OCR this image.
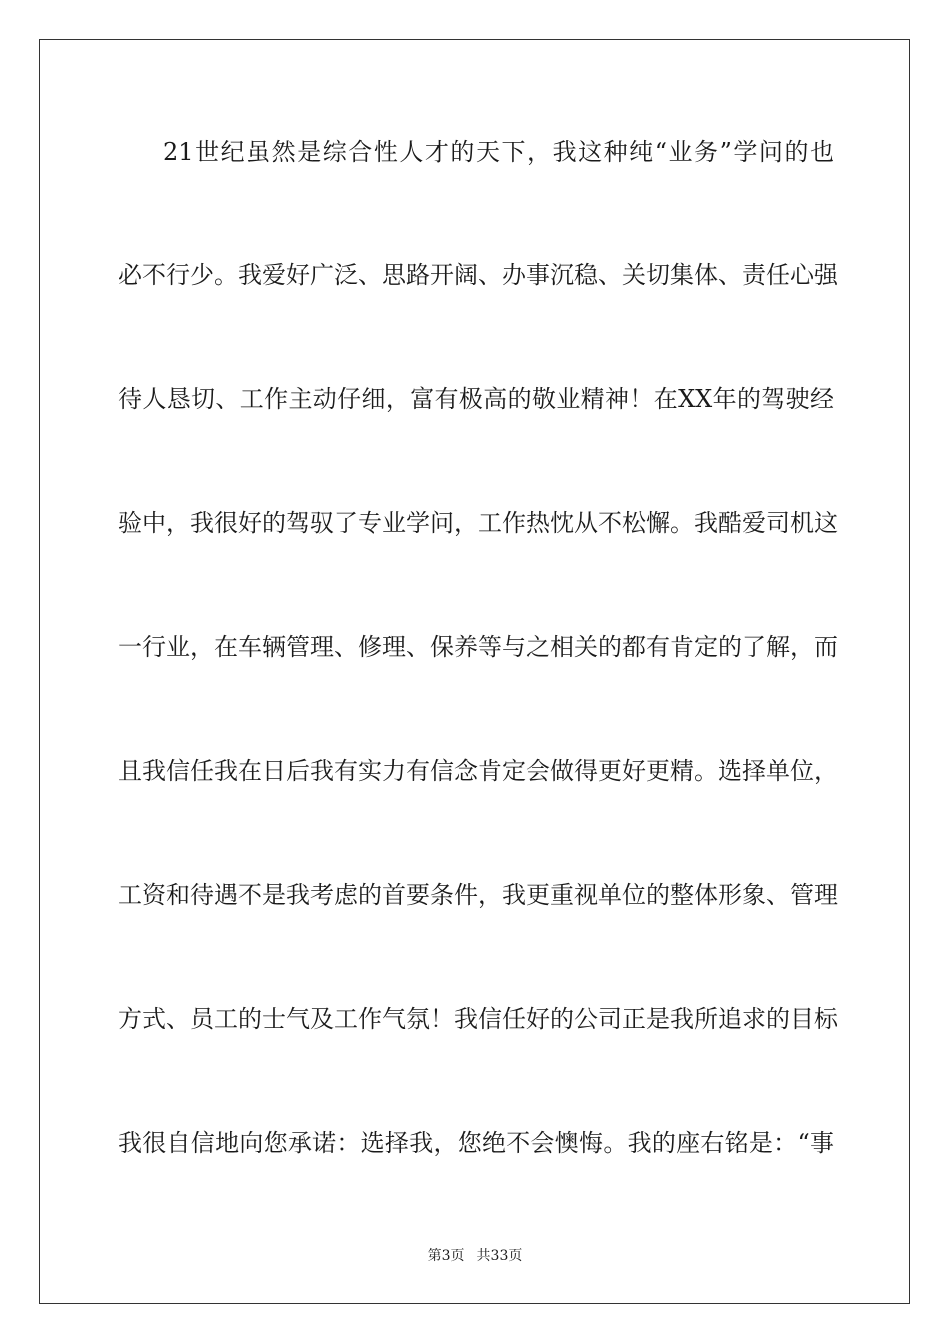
21世纪虽然是综合性人才的天下，我这种纯“业务”学问的也

必不行少。我爱好广泛、思路开阔、办事沉稳、关切集体、责任心强

待人恳切、工作主动仔细，富有极高的敬业精神！在XX年的驾驶经

验中，我很好的驾驭了专业学问，工作热忱从不松懈。我酷爱司机这

一行业，在车辆管理、修理、保养等与之相关的都有肯定的了解，而

且我信任我在日后我有实力有信念肯定会做得更好更精。选择单位，

工资和待遇不是我考虑的首要条件，我更重视单位的整体形象、管理

方式、员工的士气及工作气氛！我信任好的公司正是我所追求的目标

我很自信地向您承诺：选择我，您绝不会懊悔。我的座右铭是：“事

第3页 共33页
